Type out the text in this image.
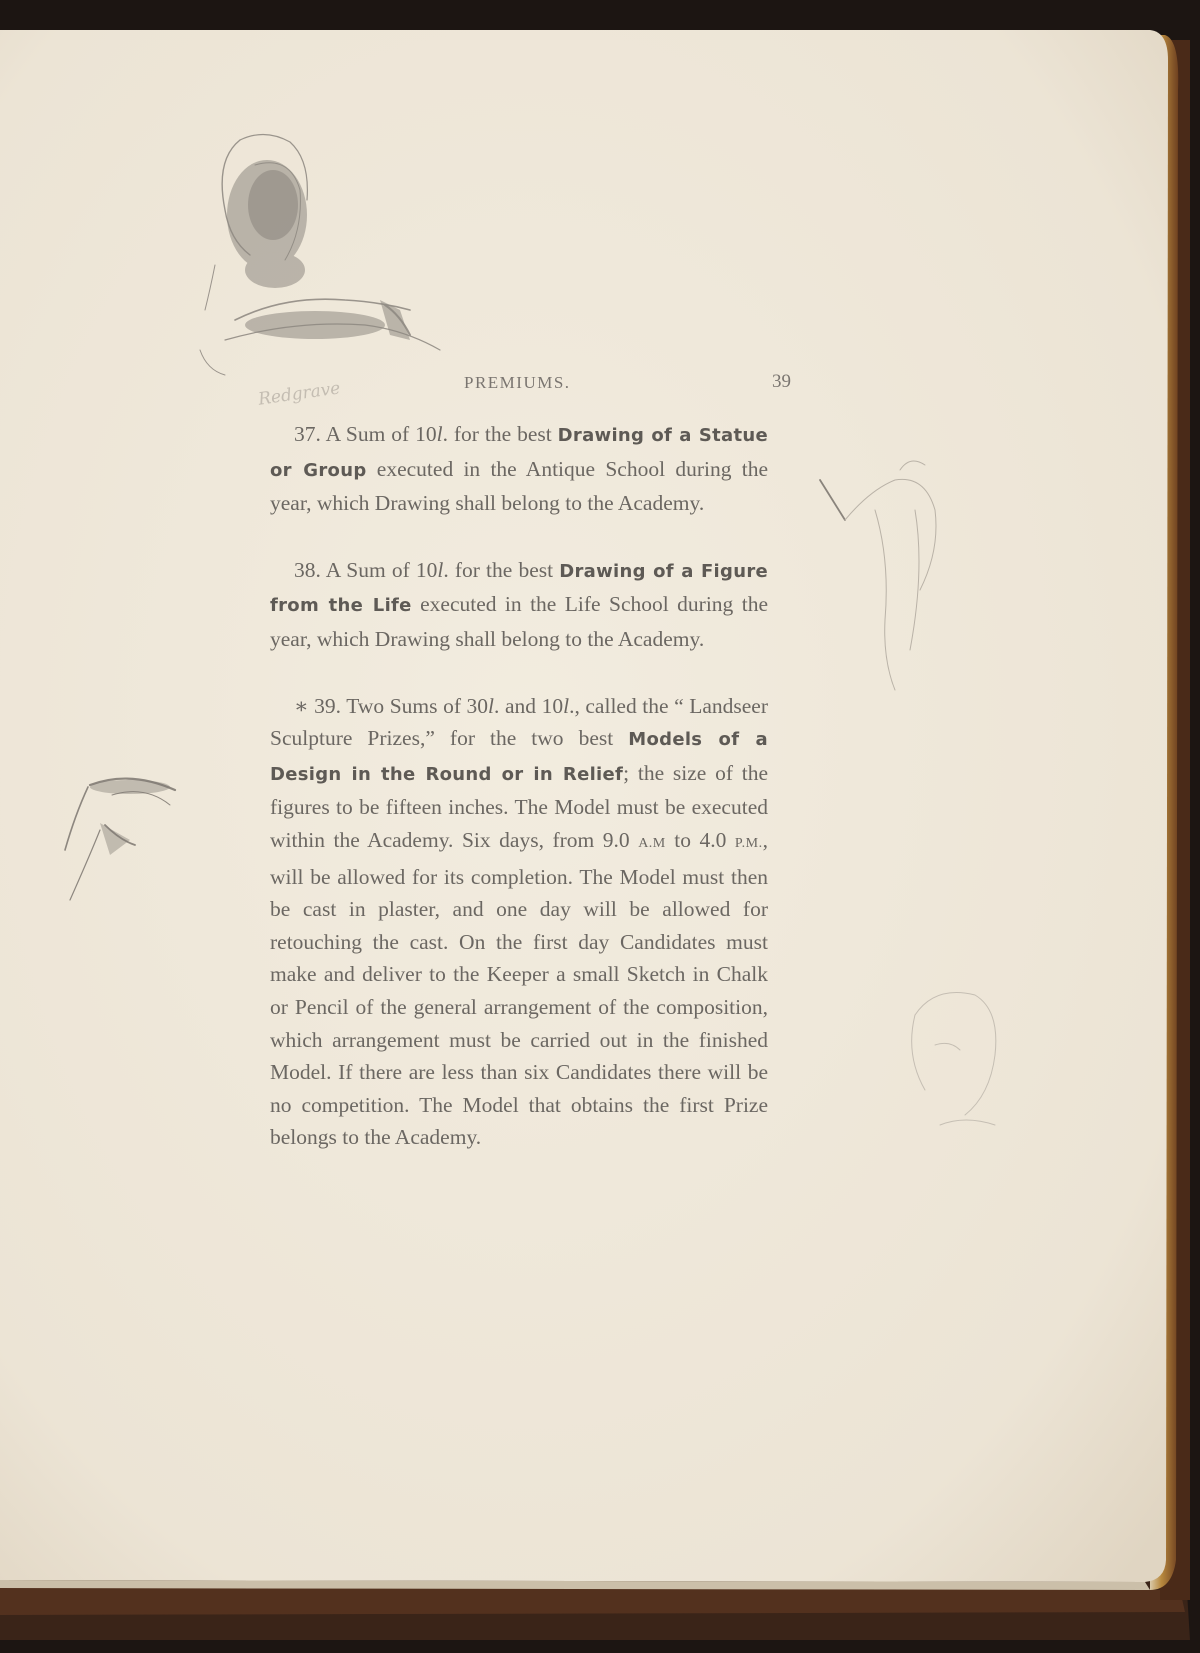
Redgrave	PREMIUMS.	39

37. A Sum of 10l. for the best Drawing of a Statue or Group executed in the Antique School during the year, which Drawing shall belong to the Academy.

38. A Sum of 10l. for the best Drawing of a Figure from the Life executed in the Life School during the year, which Drawing shall belong to the Academy.

∗ 39. Two Sums of 30l. and 10l., called the “ Landseer Sculpture Prizes,” for the two best Models of a Design in the Round or in Relief; the size of the figures to be fifteen inches. The Model must be executed within the Academy. Six days, from 9.0 A.M to 4.0 P.M., will be allowed for its completion. The Model must then be cast in plaster, and one day will be allowed for retouching the cast. On the first day Candidates must make and deliver to the Keeper a small Sketch in Chalk or Pencil of the general arrangement of the composition, which arrangement must be carried out in the finished Model. If there are less than six Candidates there will be no competition. The Model that obtains the first Prize belongs to the Academy.
